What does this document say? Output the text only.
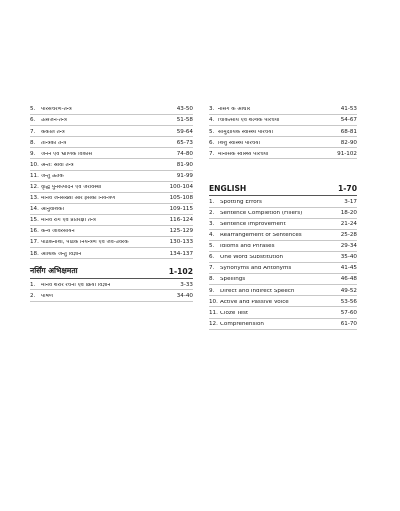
5.	परिसंचरण-तन्त्र	43-50
6.	उत्सर्जन-तन्त्र	51-58
7.	कंकाल तन्त्र	59-64
8.	तन्त्रिका तन्त्र	65-73
9.	जनन एवं भ्रौणिक विकास	74-80
10. अन्त: स्रावी तन्त्र	81-90
11. जन्तु ऊतक	91-99
12. वृद्धि पुनरुत्पादन एवं जरावस्था	100-104
13. मानव जनसंख्या और इसका नियन्त्रण	105-108
14. आनुवंशिकी	109-115
15. मानव रोग एवं प्रतिरक्षा तन्त्र	116-124
16. कन्य जीवरसायन	125-129
17. पीडकनाशी, पीडक नियन्त्रण एवं जैव-उर्वरक	130-133
18. आर्थिक जन्तु विज्ञान	134-137
नर्सिंग अभिक्षमता	1-102
1.	मानव शरीर रचना एवं क्रिया विज्ञान	3-33
2.	पोषण	34-40
3. नर्सिंग के आधार	41-53
4. चिकित्सीय एवं शल्यक परिचर्या	54-67
5. सामुदायिक स्वास्थ्य परिचर्या	68-81
6. शिशु स्वास्थ्य परिचर्या	82-90
7. मानसिक स्वास्थ्य परिचर्या	91-102
ENGLISH	1-70
1.	Spotting Errors	3-17
2.	Sentence Completion (Fillers)	18-20
3.	Sentence Improvement	21-24
4.	Rearrangement of Sentences	25-28
5.	Idioms and Phrases	29-34
6.	One Word Substitution	35-40
7.	Synonyms and Antonyms	41-45
8.	Spellings	46-48
9.	Direct and Indirect Speech	49-52
10. Active and Passive Voice	53-56
11. Cloze Test	57-60
12. Comprehension	61-70
